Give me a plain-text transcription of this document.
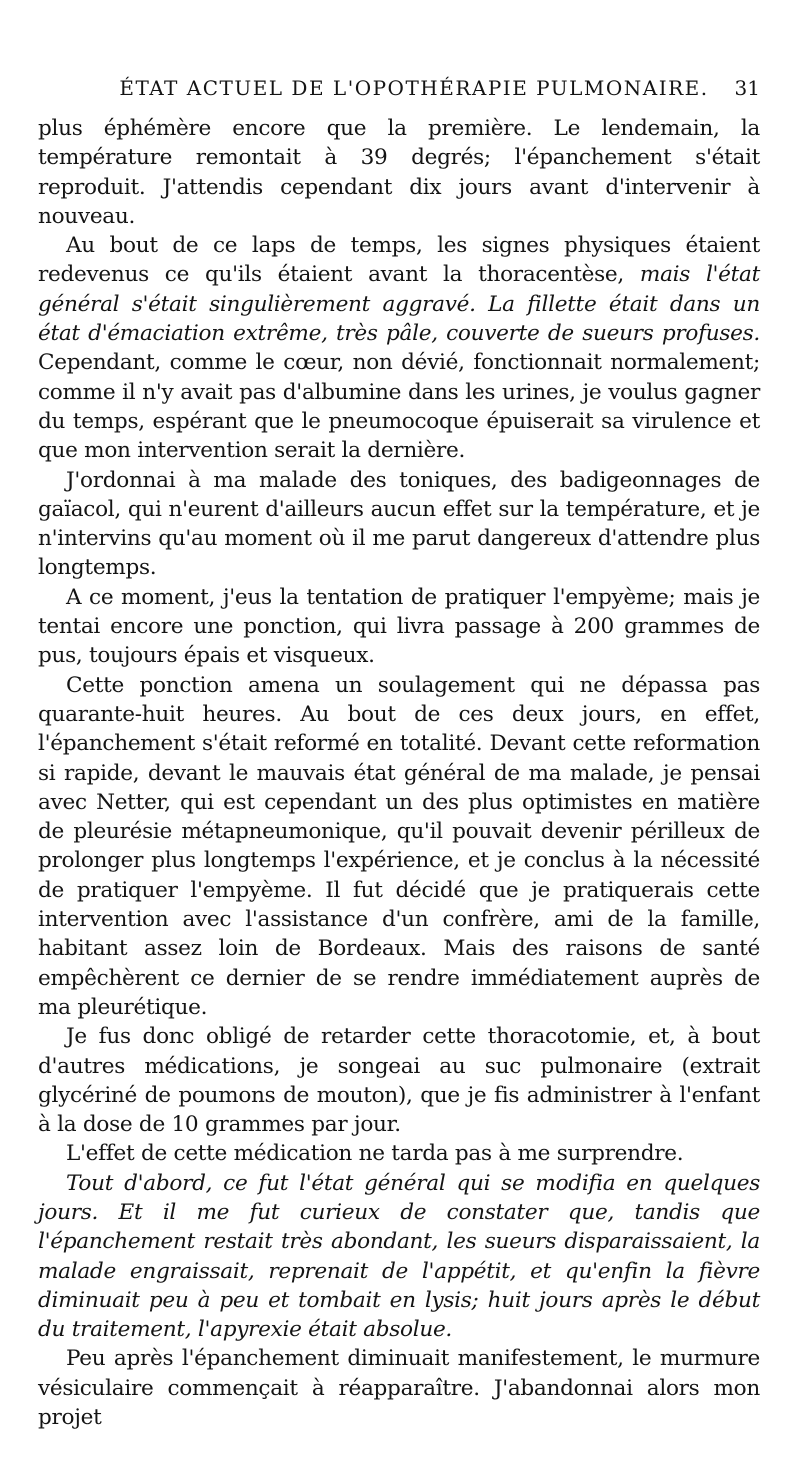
ÉTAT ACTUEL DE L'OPOTHÉRAPIE PULMONAIRE.	31

plus éphémère encore que la première. Le lendemain, la température remontait à 39 degrés; l'épanchement s'était reproduit. J'attendis cependant dix jours avant d'intervenir à nouveau.

Au bout de ce laps de temps, les signes physiques étaient redevenus ce qu'ils étaient avant la thoracentèse, mais l'état général s'était singulièrement aggravé. La fillette était dans un état d'émaciation extrême, très pâle, couverte de sueurs profuses. Cependant, comme le cœur, non dévié, fonctionnait normalement; comme il n'y avait pas d'albumine dans les urines, je voulus gagner du temps, espérant que le pneumocoque épuiserait sa virulence et que mon intervention serait la dernière.

J'ordonnai à ma malade des toniques, des badigeonnages de gaïacol, qui n'eurent d'ailleurs aucun effet sur la température, et je n'intervins qu'au moment où il me parut dangereux d'attendre plus longtemps.

A ce moment, j'eus la tentation de pratiquer l'empyème; mais je tentai encore une ponction, qui livra passage à 200 grammes de pus, toujours épais et visqueux.

Cette ponction amena un soulagement qui ne dépassa pas quarante-huit heures. Au bout de ces deux jours, en effet, l'épanchement s'était reformé en totalité. Devant cette reformation si rapide, devant le mauvais état général de ma malade, je pensai avec Netter, qui est cependant un des plus optimistes en matière de pleurésie métapneumonique, qu'il pouvait devenir périlleux de prolonger plus longtemps l'expérience, et je conclus à la nécessité de pratiquer l'empyème. Il fut décidé que je pratiquerais cette intervention avec l'assistance d'un confrère, ami de la famille, habitant assez loin de Bordeaux. Mais des raisons de santé empêchèrent ce dernier de se rendre immédiatement auprès de ma pleurétique.

Je fus donc obligé de retarder cette thoracotomie, et, à bout d'autres médications, je songeai au suc pulmonaire (extrait glycériné de poumons de mouton), que je fis administrer à l'enfant à la dose de 10 grammes par jour.

L'effet de cette médication ne tarda pas à me surprendre.

Tout d'abord, ce fut l'état général qui se modifia en quelques jours. Et il me fut curieux de constater que, tandis que l'épanchement restait très abondant, les sueurs disparaissaient, la malade engraissait, reprenait de l'appétit, et qu'enfin la fièvre diminuait peu à peu et tombait en lysis; huit jours après le début du traitement, l'apyrexie était absolue.

Peu après l'épanchement diminuait manifestement, le murmure vésiculaire commençait à réapparaître. J'abandonnai alors mon projet
